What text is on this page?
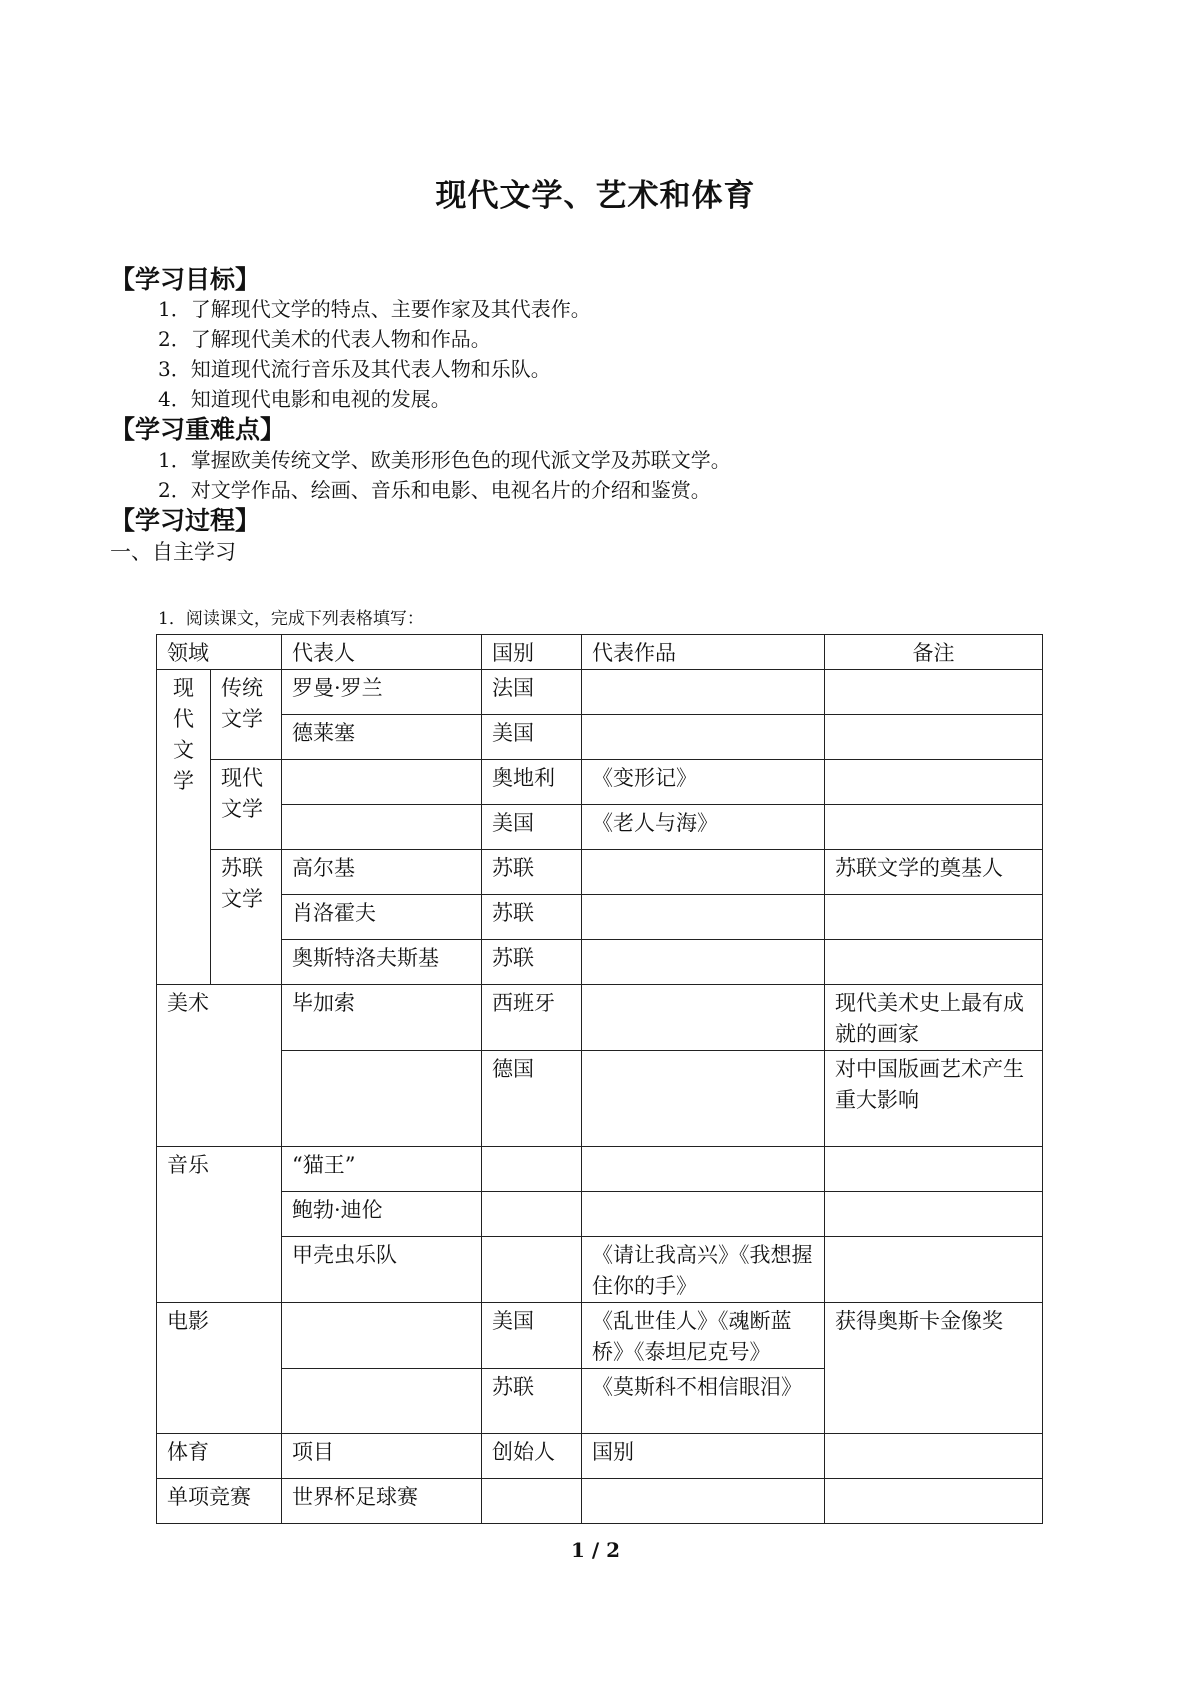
现代文学、艺术和体育
【学习目标】
1．了解现代文学的特点、主要作家及其代表作。
2．了解现代美术的代表人物和作品。
3．知道现代流行音乐及其代表人物和乐队。
4．知道现代电影和电视的发展。
【学习重难点】
1．掌握欧美传统文学、欧美形形色色的现代派文学及苏联文学。
2．对文学作品、绘画、音乐和电影、电视名片的介绍和鉴赏。
【学习过程】
一、自主学习
1．阅读课文，完成下列表格填写：
领域		代表人	国别	代表作品	备注
现代文学	传统文学	罗曼·罗兰	法国		
		德莱塞	美国		
	现代文学		奥地利	《变形记》	
			美国	《老人与海》	
	苏联文学	高尔基	苏联		苏联文学的奠基人
		肖洛霍夫	苏联		
		奥斯特洛夫斯基	苏联		
美术		毕加索	西班牙		现代美术史上最有成就的画家
			德国		对中国版画艺术产生重大影响
音乐		“猫王”			
		鲍勃·迪伦			
		甲壳虫乐队		《请让我高兴》《我想握住你的手》	
电影			美国	《乱世佳人》《魂断蓝桥》《泰坦尼克号》	获得奥斯卡金像奖
			苏联	《莫斯科不相信眼泪》	
体育		项目	创始人	国别	
单项竞赛		世界杯足球赛			
1 / 2
